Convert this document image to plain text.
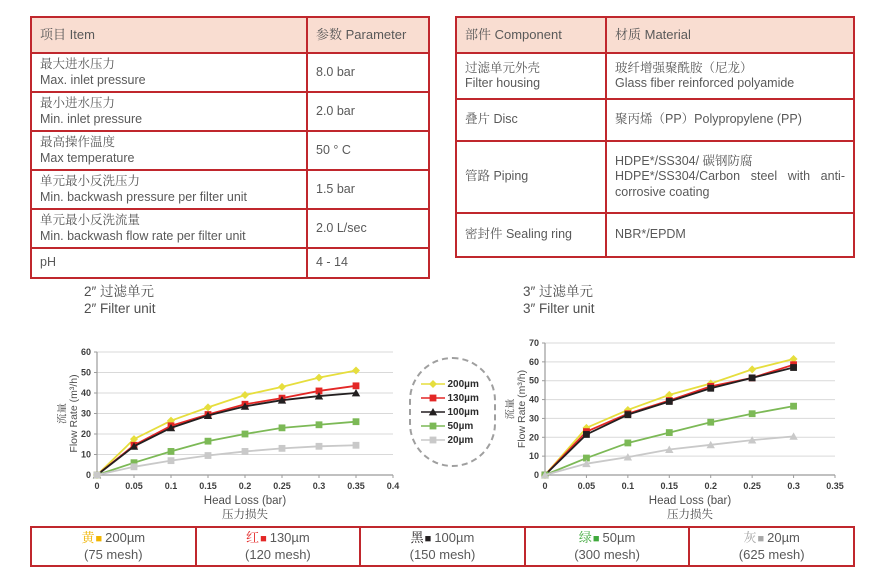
项目 Item	参数 Parameter

最大进水压力
Max. inlet pressure	8.0 bar

最小进水压力
Min. inlet pressure	2.0 bar

最高操作温度
Max temperature	50 ° C

单元最小反洗压力
Min. backwash pressure per filter unit	1.5 bar

单元最小反洗流量
Min. backwash flow rate per filter unit	2.0 L/sec

pH	4 - 14
部件 Component	材质 Material

过滤单元外壳
Filter housing	玻纤增强聚酰胺（尼龙）
Glass fiber reinforced polyamide

叠片 Disc	聚丙烯（PP）Polypropylene (PP)

管路 Piping	HDPE*/SS304/ 碳钢防腐
HDPE*/SS304/Carbon steel with anti-corrosive coating

密封件 Sealing ring	NBR*/EPDM
2″ 过滤单元
2″ Filter unit
3″ 过滤单元
3″ Filter unit
0
10
20
30
40
50
60
0	0.05 0.1 0.15 0.2 0.25 0.3 0.35 0.4
流量Flow Rate (m³/h)
Head Loss (bar)
压力损失
0
10
20
30
40
50
60
70
0	0.05	0.1	0.15	0.2	0.25	0.3	0.35
流量Flow Rate (m³/h)
Head Loss (bar)
压力损失
200µm
130µm
100µm
50µm
20µm
黄■ 200µm
(75 mesh)
红■ 130µm
(120 mesh)
黑■ 100µm
(150 mesh)
绿■ 50µm
(300 mesh)
灰■ 20µm
(625 mesh)
